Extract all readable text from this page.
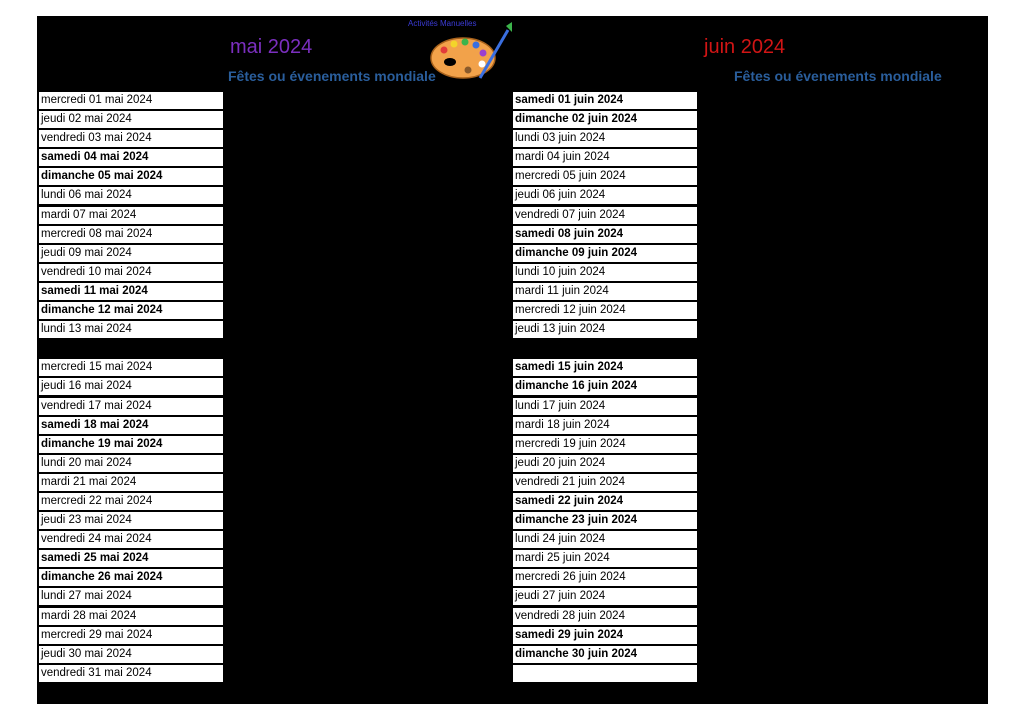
mai 2024	juin 2024
Fêtes ou évenements mondiale	Fêtes ou évenements mondiale
Activités Manuelles
mercredi 01 mai 2024
jeudi 02 mai 2024
vendredi 03 mai 2024
samedi 04 mai 2024
dimanche 05 mai 2024
lundi 06 mai 2024
mardi 07 mai 2024
mercredi 08 mai 2024
jeudi 09 mai 2024
vendredi 10 mai 2024
samedi 11 mai 2024
dimanche 12 mai 2024
lundi 13 mai 2024
mercredi 15 mai 2024
jeudi 16 mai 2024
vendredi 17 mai 2024
samedi 18 mai 2024
dimanche 19 mai 2024
lundi 20 mai 2024
mardi 21 mai 2024
mercredi 22 mai 2024
jeudi 23 mai 2024
vendredi 24 mai 2024
samedi 25 mai 2024
dimanche 26 mai 2024
lundi 27 mai 2024
mardi 28 mai 2024
mercredi 29 mai 2024
jeudi 30 mai 2024
vendredi 31 mai 2024
samedi 01 juin 2024
dimanche 02 juin 2024
lundi 03 juin 2024
mardi 04 juin 2024
mercredi 05 juin 2024
jeudi 06 juin 2024
vendredi 07 juin 2024
samedi 08 juin 2024
dimanche 09 juin 2024
lundi 10 juin 2024
mardi 11 juin 2024
mercredi 12 juin 2024
jeudi 13 juin 2024
samedi 15 juin 2024
dimanche 16 juin 2024
lundi 17 juin 2024
mardi 18 juin 2024
mercredi 19 juin 2024
jeudi 20 juin 2024
vendredi 21 juin 2024
samedi 22 juin 2024
dimanche 23 juin 2024
lundi 24 juin 2024
mardi 25 juin 2024
mercredi 26 juin 2024
jeudi 27 juin 2024
vendredi 28 juin 2024
samedi 29 juin 2024
dimanche 30 juin 2024
